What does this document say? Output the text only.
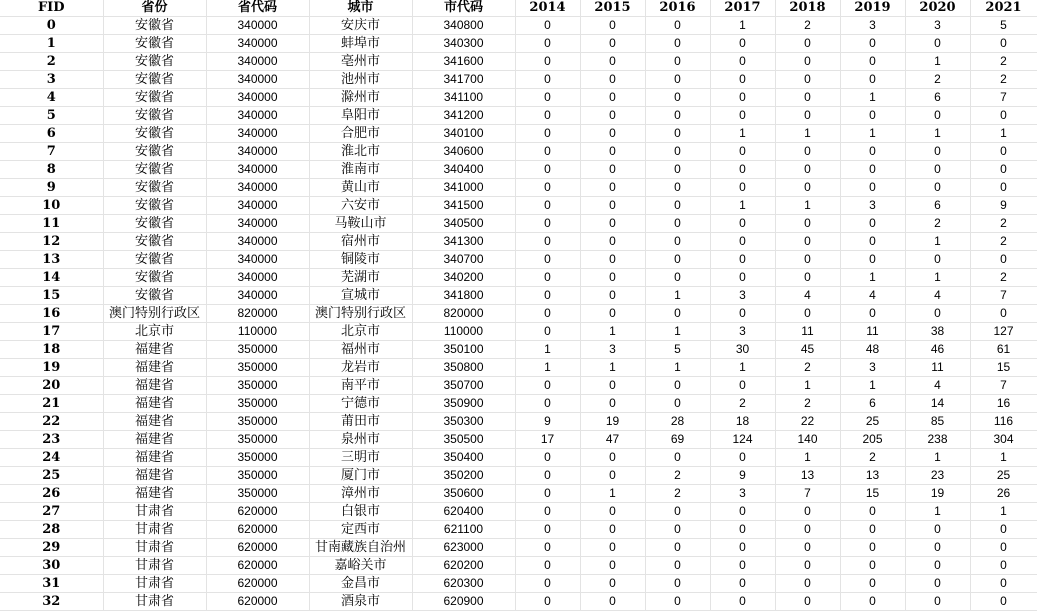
FID	省份	省代码	城市	市代码	2014	2015	2016	2017	2018	2019	2020	2021
0	安徽省	340000	安庆市	340800	0	0	0	1	2	3	3	5
1	安徽省	340000	蚌埠市	340300	0	0	0	0	0	0	0	0
2	安徽省	340000	亳州市	341600	0	0	0	0	0	0	1	2
3	安徽省	340000	池州市	341700	0	0	0	0	0	0	2	2
4	安徽省	340000	滁州市	341100	0	0	0	0	0	1	6	7
5	安徽省	340000	阜阳市	341200	0	0	0	0	0	0	0	0
6	安徽省	340000	合肥市	340100	0	0	0	1	1	1	1	1
7	安徽省	340000	淮北市	340600	0	0	0	0	0	0	0	0
8	安徽省	340000	淮南市	340400	0	0	0	0	0	0	0	0
9	安徽省	340000	黄山市	341000	0	0	0	0	0	0	0	0
10	安徽省	340000	六安市	341500	0	0	0	1	1	3	6	9
11	安徽省	340000	马鞍山市	340500	0	0	0	0	0	0	2	2
12	安徽省	340000	宿州市	341300	0	0	0	0	0	0	1	2
13	安徽省	340000	铜陵市	340700	0	0	0	0	0	0	0	0
14	安徽省	340000	芜湖市	340200	0	0	0	0	0	1	1	2
15	安徽省	340000	宣城市	341800	0	0	1	3	4	4	4	7
16	澳门特别行政区	820000	澳门特别行政区	820000	0	0	0	0	0	0	0	0
17	北京市	110000	北京市	110000	0	1	1	3	11	11	38	127
18	福建省	350000	福州市	350100	1	3	5	30	45	48	46	61
19	福建省	350000	龙岩市	350800	1	1	1	1	2	3	11	15
20	福建省	350000	南平市	350700	0	0	0	0	1	1	4	7
21	福建省	350000	宁德市	350900	0	0	0	2	2	6	14	16
22	福建省	350000	莆田市	350300	9	19	28	18	22	25	85	116
23	福建省	350000	泉州市	350500	17	47	69	124	140	205	238	304
24	福建省	350000	三明市	350400	0	0	0	0	1	2	1	1
25	福建省	350000	厦门市	350200	0	0	2	9	13	13	23	25
26	福建省	350000	漳州市	350600	0	1	2	3	7	15	19	26
27	甘肃省	620000	白银市	620400	0	0	0	0	0	0	1	1
28	甘肃省	620000	定西市	621100	0	0	0	0	0	0	0	0
29	甘肃省	620000	甘南藏族自治州	623000	0	0	0	0	0	0	0	0
30	甘肃省	620000	嘉峪关市	620200	0	0	0	0	0	0	0	0
31	甘肃省	620000	金昌市	620300	0	0	0	0	0	0	0	0
32	甘肃省	620000	酒泉市	620900	0	0	0	0	0	0	0	0
